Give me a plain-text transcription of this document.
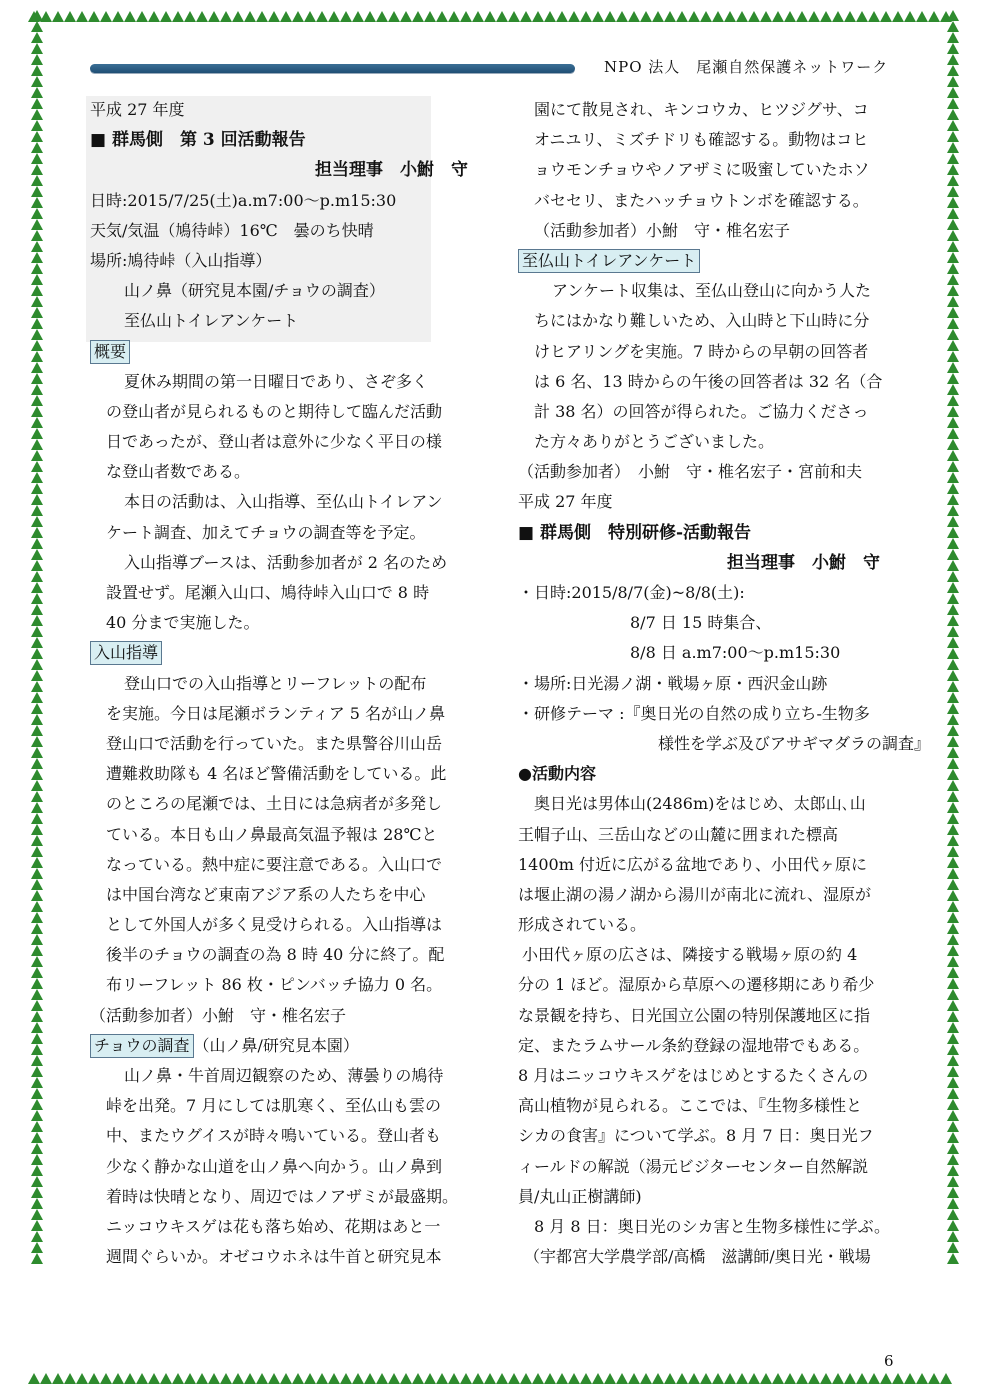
NPO 法人　尾瀬自然保護ネットワーク
平成 27 年度
■ 群馬側　第 3 回活動報告
担当理事　小鮒　守
日時:2015/7/25(土)a.m7:00～p.m15:30
天気/気温（鳩待峠）16℃　曇のち快晴
場所:鳩待峠（入山指導）
山ノ鼻（研究見本園/チョウの調査）
至仏山トイレアンケート
概要
夏休み期間の第一日曜日であり、さぞ多く
の登山者が見られるものと期待して臨んだ活動
日であったが、登山者は意外に少なく平日の様
な登山者数である。
本日の活動は、入山指導、至仏山トイレアン
ケート調査、加えてチョウの調査等を予定。
入山指導ブースは、活動参加者が 2 名のため
設置せず。尾瀬入山口、鳩待峠入山口で 8 時
40 分まで実施した。
入山指導
登山口での入山指導とリーフレットの配布
を実施。今日は尾瀬ボランティア 5 名が山ノ鼻
登山口で活動を行っていた。また県警谷川山岳
遭難救助隊も 4 名ほど警備活動をしている。此
のところの尾瀬では、土日には急病者が多発し
ている。本日も山ノ鼻最高気温予報は 28℃と
なっている。熱中症に要注意である。入山口で
は中国台湾など東南アジア系の人たちを中心
として外国人が多く見受けられる。入山指導は
後半のチョウの調査の為 8 時 40 分に終了。配
布リーフレット 86 枚・ピンバッチ協力 0 名。
（活動参加者）小鮒　守・椎名宏子
チョウの調査 （山ノ鼻/研究見本園）
山ノ鼻・牛首周辺観察のため、薄曇りの鳩待
峠を出発。7 月にしては肌寒く、至仏山も雲の
中、またウグイスが時々鳴いている。登山者も
少なく静かな山道を山ノ鼻へ向かう。山ノ鼻到
着時は快晴となり、周辺ではノアザミが最盛期。
ニッコウキスゲは花も落ち始め、花期はあと一
週間ぐらいか。オゼコウホネは牛首と研究見本
園にて散見され、キンコウカ、ヒツジグサ、コ
オニユリ、ミズチドリも確認する。動物はコヒ
ョウモンチョウやノアザミに吸蜜していたホソ
バセセリ、またハッチョウトンボを確認する。
（活動参加者）小鮒　守・椎名宏子
至仏山トイレアンケート
アンケート収集は、至仏山登山に向かう人た
ちにはかなり難しいため、入山時と下山時に分
けヒアリングを実施。7 時からの早朝の回答者
は 6 名、13 時からの午後の回答者は 32 名（合
計 38 名）の回答が得られた。ご協力くださっ
た方々ありがとうございました。
（活動参加者）　小鮒　守・椎名宏子・宮前和夫
平成 27 年度
■ 群馬側　特別研修-活動報告
担当理事　小鮒　守
・日時:2015/8/7(金)~8/8(土):
8/7 日 15 時集合、
8/8 日 a.m7:00～p.m15:30
・場所:日光湯ノ湖・戦場ヶ原・西沢金山跡
・研修テーマ :『奥日光の自然の成り立ち-生物多
様性を学ぶ及びアサギマダラの調査』
●活動内容
奥日光は男体山(2486m)をはじめ、太郎山､山
王帽子山、三岳山などの山麓に囲まれた標高
1400m 付近に広がる盆地であり、小田代ヶ原に
は堰止湖の湯ノ湖から湯川が南北に流れ、湿原が
形成されている。
小田代ヶ原の広さは、隣接する戦場ヶ原の約 4
分の 1 ほど。湿原から草原への遷移期にあり希少
な景観を持ち、日光国立公園の特別保護地区に指
定、またラムサール条約登録の湿地帯でもある。
8 月はニッコウキスゲをはじめとするたくさんの
高山植物が見られる。ここでは、『生物多様性と
シカの食害』について学ぶ。8 月 7 日：奥日光フ
ィールドの解説（湯元ビジターセンター自然解説
員/丸山正樹講師)
8 月 8 日：奥日光のシカ害と生物多様性に学ぶ。
（宇都宮大学農学部/高橋　滋講師/奥日光・戦場
6
